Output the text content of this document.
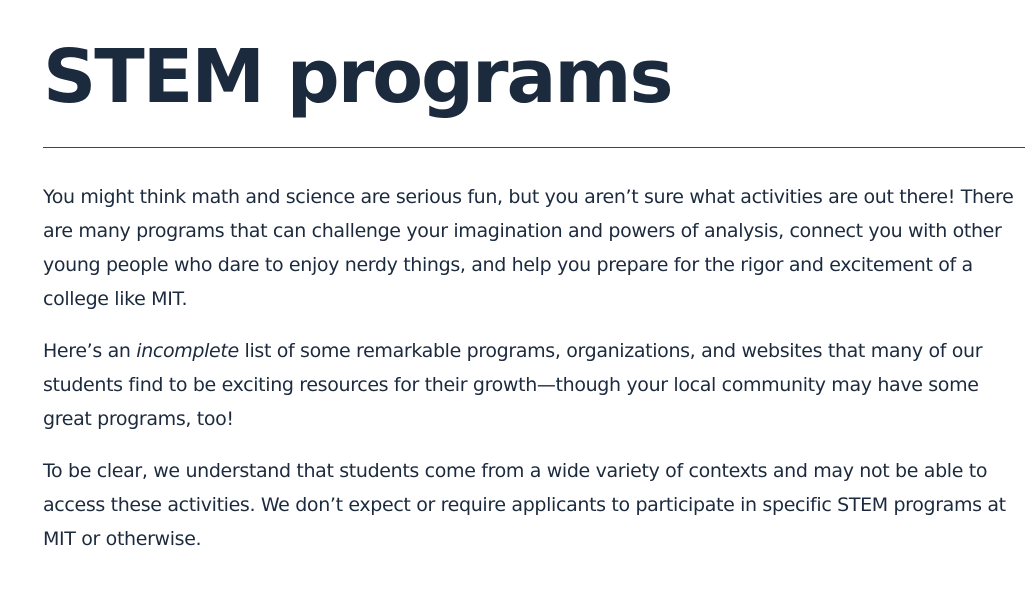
STEM programs

You might think math and science are serious fun, but you aren’t sure what activities are out there! There are many programs that can challenge your imagination and powers of analysis, connect you with other young people who dare to enjoy nerdy things, and help you prepare for the rigor and excitement of a college like MIT.

Here’s an incomplete list of some remarkable programs, organizations, and websites that many of our students find to be exciting resources for their growth—though your local community may have some great programs, too!

To be clear, we understand that students come from a wide variety of contexts and may not be able to access these activities. We don’t expect or require applicants to participate in specific STEM programs at MIT or otherwise.
